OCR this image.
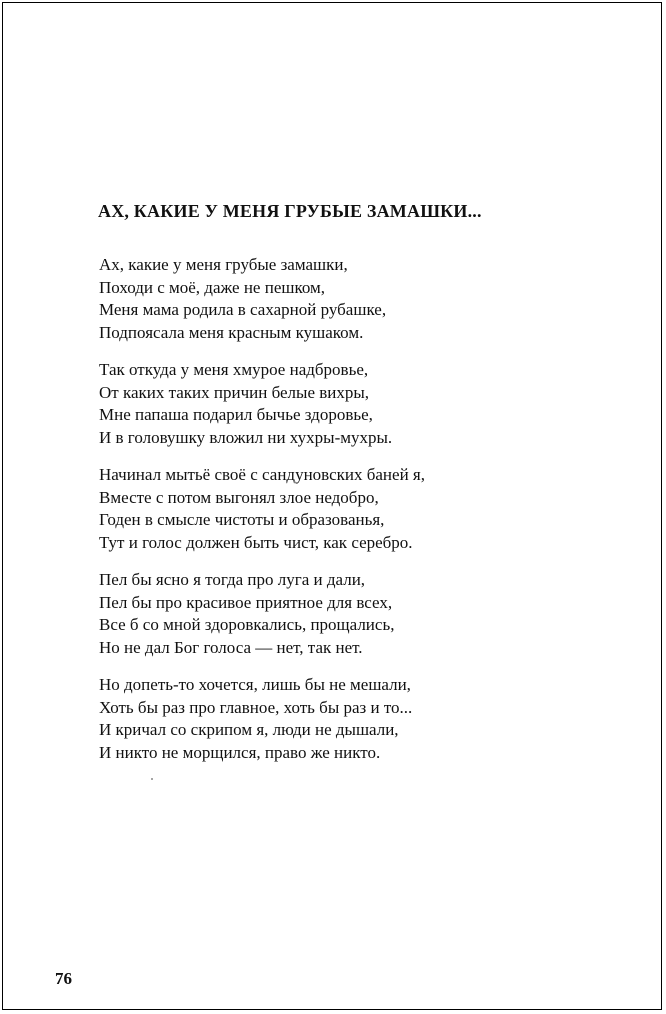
АХ, КАКИЕ У МЕНЯ ГРУБЫЕ ЗАМАШКИ...
Ах, какие у меня грубые замашки,
Походи с моё, даже не пешком,
Меня мама родила в сахарной рубашке,
Подпоясала меня красным кушаком.
Так откуда у меня хмурое надбровье,
От каких таких причин белые вихры,
Мне папаша подарил бычье здоровье,
И в головушку вложил ни хухры-мухры.
Начинал мытьё своё с сандуновских баней я,
Вместе с потом выгонял злое недобро,
Годен в смысле чистоты и образованья,
Тут и голос должен быть чист, как серебро.
Пел бы ясно я тогда про луга и дали,
Пел бы про красивое приятное для всех,
Все б со мной здоровкались, прощались,
Но не дал Бог голоса — нет, так нет.
Но допеть-то хочется, лишь бы не мешали,
Хоть бы раз про главное, хоть бы раз и то...
И кричал со скрипом я, люди не дышали,
И никто не морщился, право же никто.
76
